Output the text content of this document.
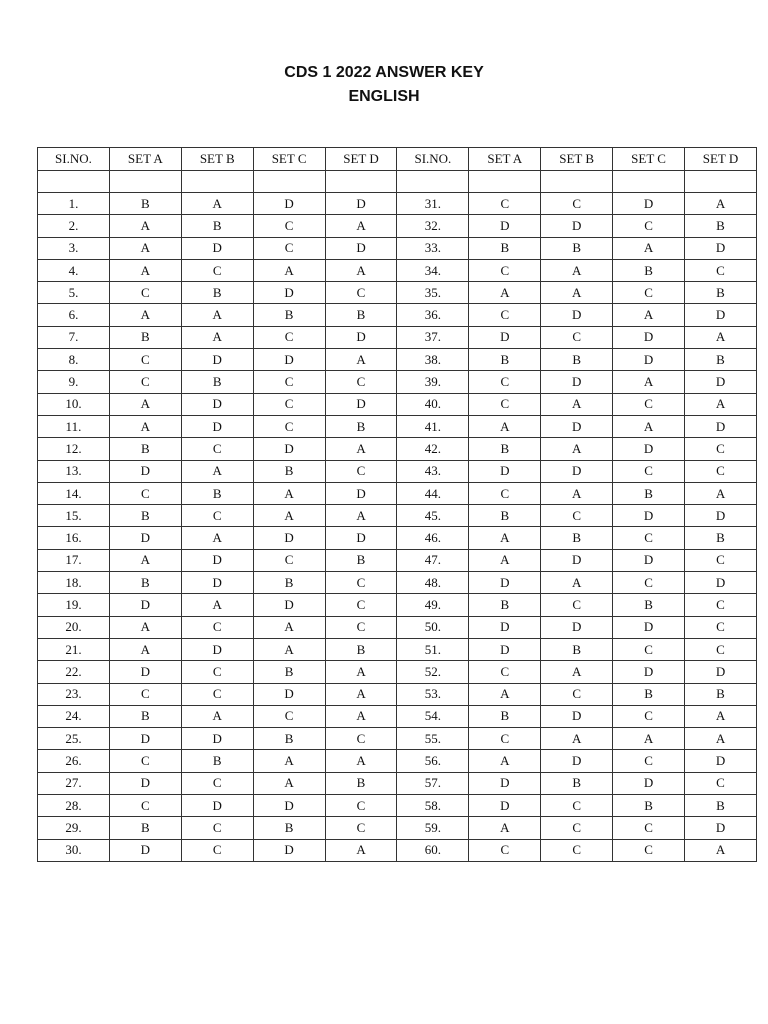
CDS 1 2022 ANSWER KEY
ENGLISH
SI.NO.	SET A	SET B	SET C	SET D	SI.NO.	SET A	SET B	SET C	SET D

1.	B	A	D	D	31.	C	C	D	A
2.	A	B	C	A	32.	D	D	C	B
3.	A	D	C	D	33.	B	B	A	D
4.	A	C	A	A	34.	C	A	B	C
5.	C	B	D	C	35.	A	A	C	B
6.	A	A	B	B	36.	C	D	A	D
7.	B	A	C	D	37.	D	C	D	A
8.	C	D	D	A	38.	B	B	D	B
9.	C	B	C	C	39.	C	D	A	D
10.	A	D	C	D	40.	C	A	C	A
11.	A	D	C	B	41.	A	D	A	D
12.	B	C	D	A	42.	B	A	D	C
13.	D	A	B	C	43.	D	D	C	C
14.	C	B	A	D	44.	C	A	B	A
15.	B	C	A	A	45.	B	C	D	D
16.	D	A	D	D	46.	A	B	C	B
17.	A	D	C	B	47.	A	D	D	C
18.	B	D	B	C	48.	D	A	C	D
19.	D	A	D	C	49.	B	C	B	C
20.	A	C	A	C	50.	D	D	D	C
21.	A	D	A	B	51.	D	B	C	C
22.	D	C	B	A	52.	C	A	D	D
23.	C	C	D	A	53.	A	C	B	B
24.	B	A	C	A	54.	B	D	C	A
25.	D	D	B	C	55.	C	A	A	A
26.	C	B	A	A	56.	A	D	C	D
27.	D	C	A	B	57.	D	B	D	C
28.	C	D	D	C	58.	D	C	B	B
29.	B	C	B	C	59.	A	C	C	D
30.	D	C	D	A	60.	C	C	C	A
